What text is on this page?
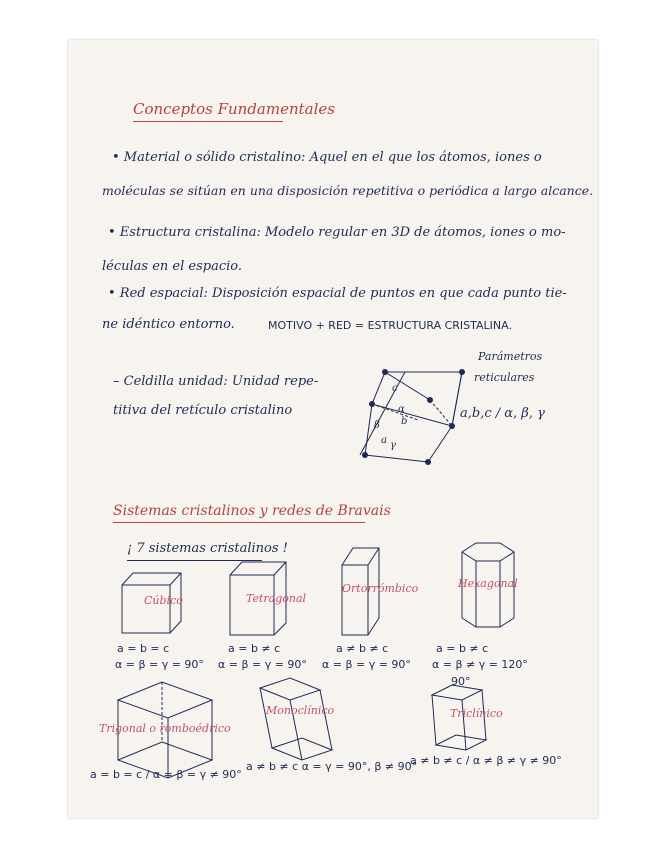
Conceptos Fundamentales
• Material o sólido cristalino: Aquel en el que los átomos, iones o
moléculas se sitúan en una disposición repetitiva o periódica a largo alcance.
• Estructura cristalina: Modelo regular en 3D de átomos, iones o mo-
léculas en el espacio.
• Red espacial: Disposición espacial de puntos en que cada punto tie-
ne idéntico entorno.	MOTIVO + RED = ESTRUCTURA CRISTALINA.
– Celdilla unidad: Unidad repe-
titiva del retículo cristalino
Parámetros
reticulares
a,b,c / α, β, γ
c
b
a
α
β
γ
Sistemas cristalinos y redes de Bravais
¡ 7 sistemas cristalinos !
Cúbico	Tetragonal
Ortorrómbico	Hexagonal
a = b = c
α = β = γ = 90°
a = b ≠ c
α = β = γ = 90°
a ≠ b ≠ c
α = β = γ = 90°
a = b ≠ c
α = β ≠ γ = 120°
90°
Trigonal o romboédrico
Monoclínico	Triclínico
a = b = c / α = β = γ ≠ 90°
a ≠ b ≠ c α = γ = 90°, β ≠ 90°
a ≠ b ≠ c / α ≠ β ≠ γ ≠ 90°
